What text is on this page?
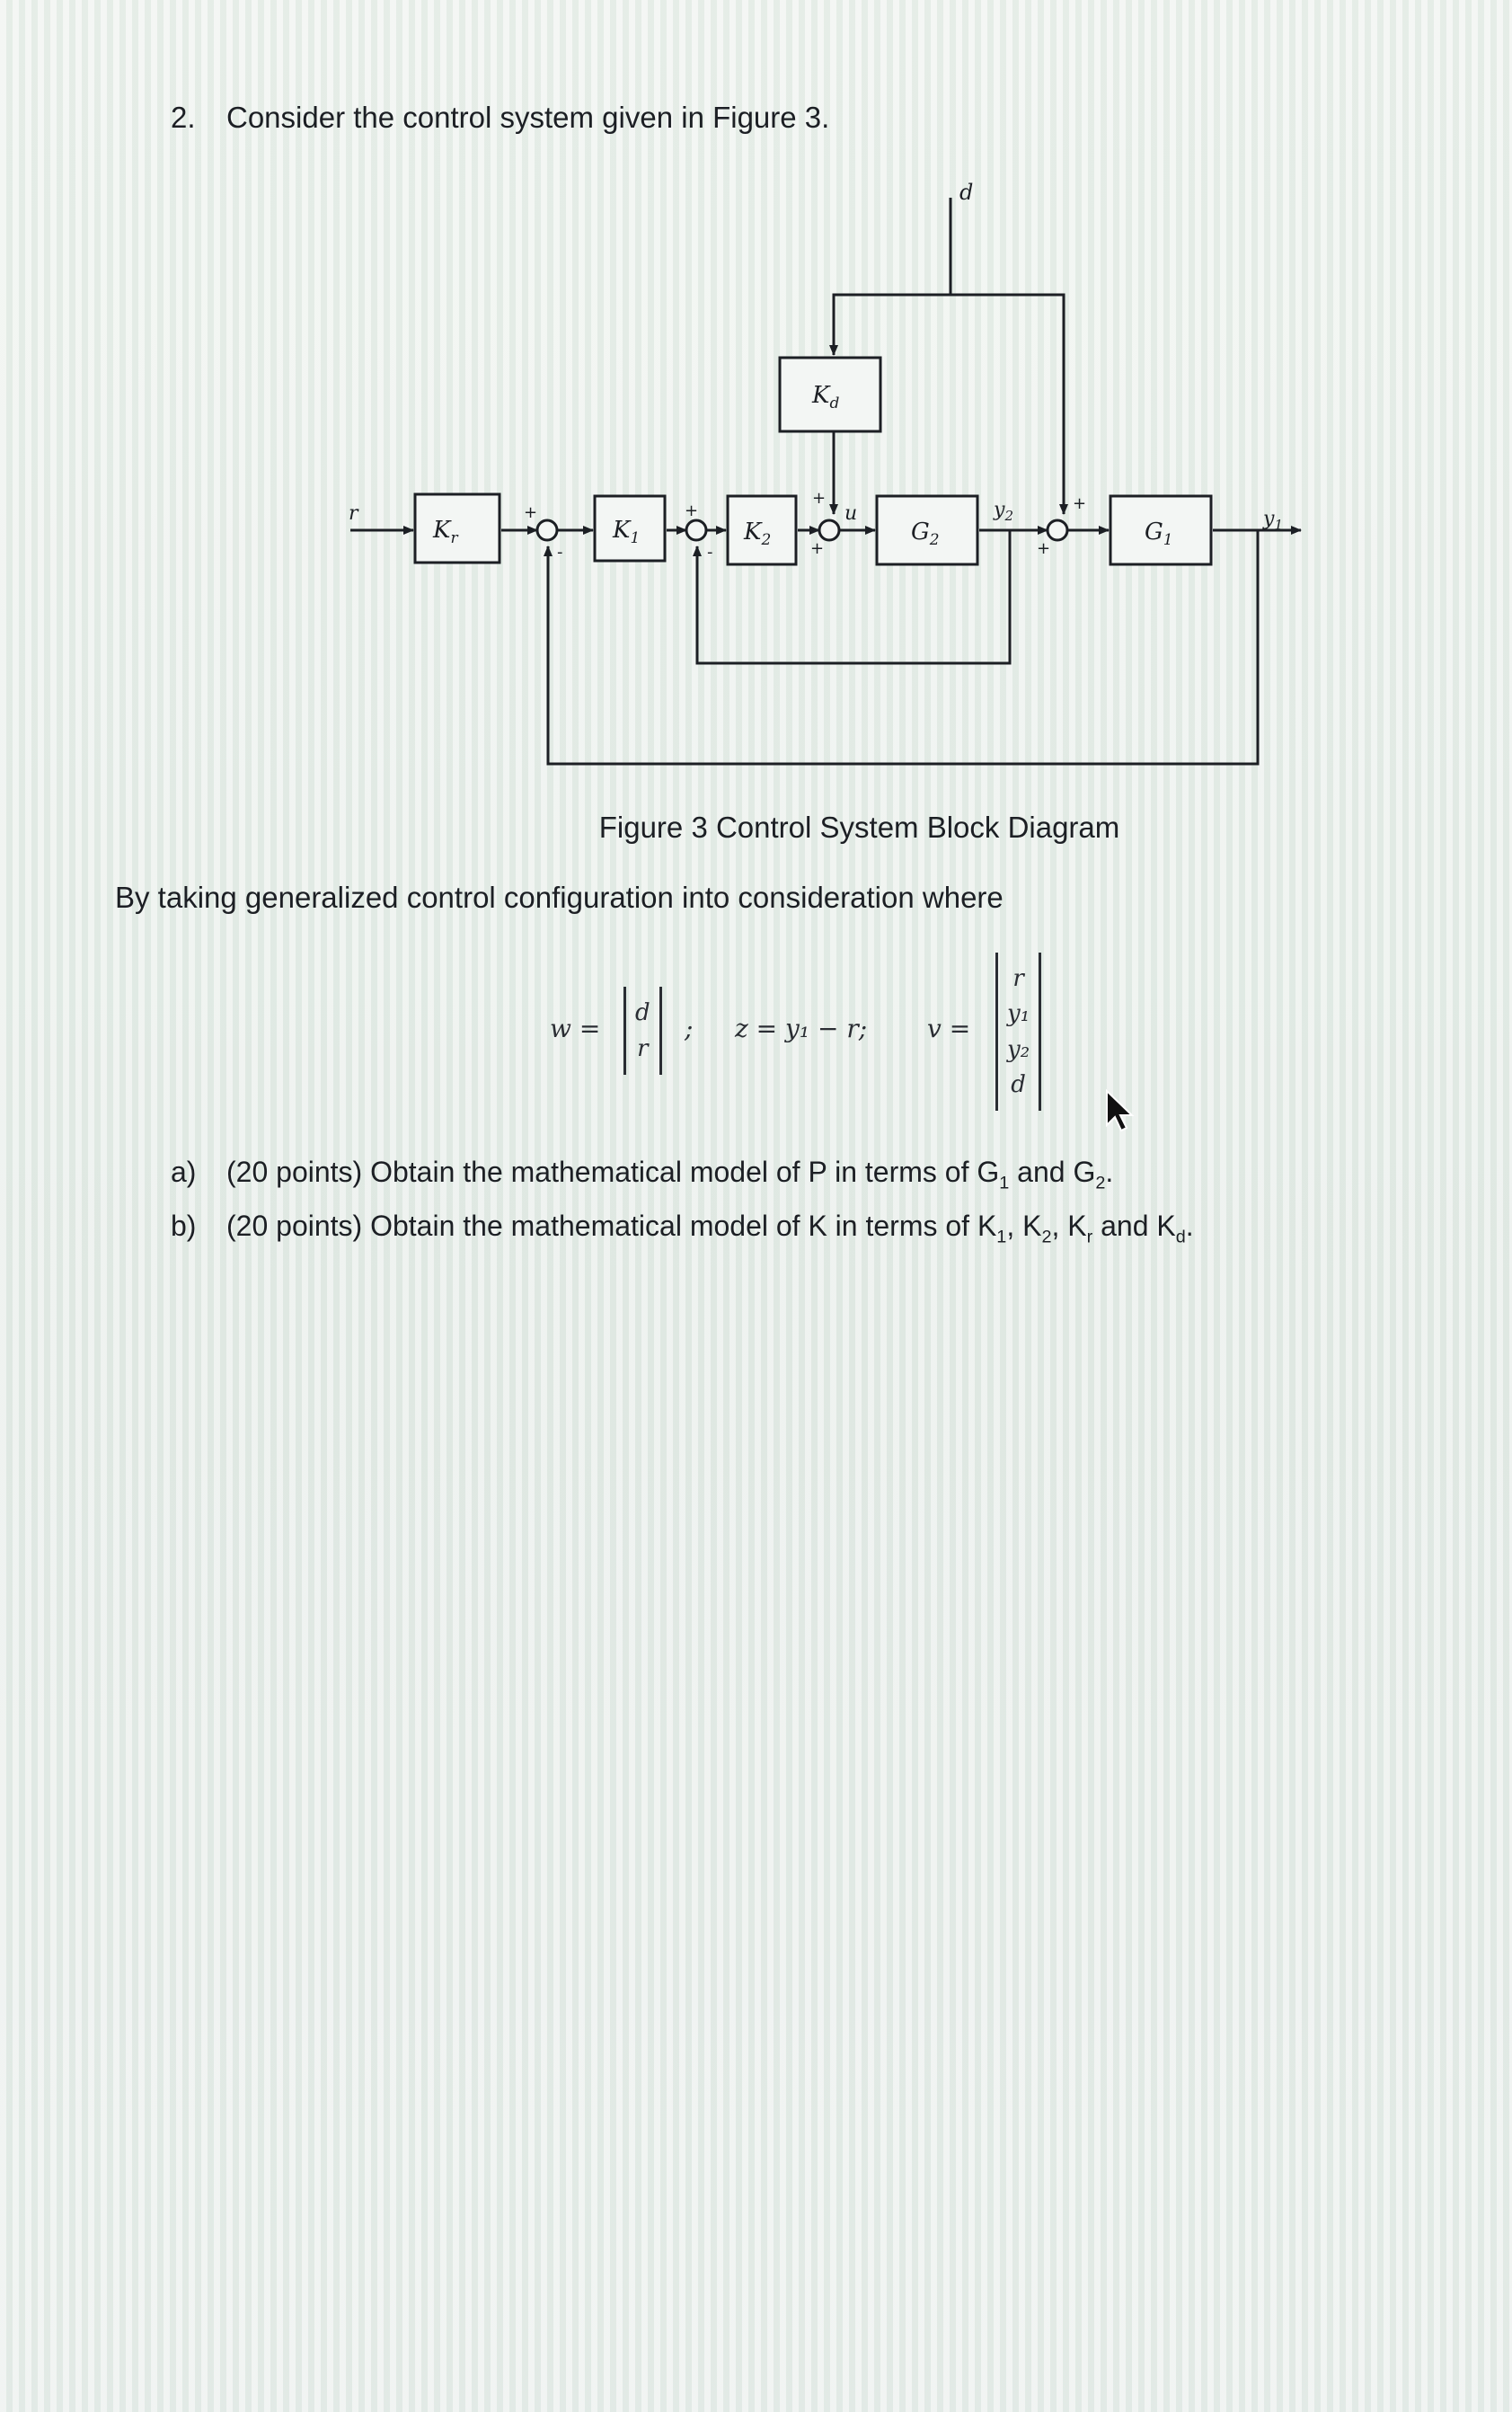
2. Consider the control system given in Figure 3.
$K_r$	$K_1$	$K_2$
$K_d$
$G_2$	$G_1$
r
d
u	$y_2$	$y_1$
+
-
+
-
+
+
+
+
Figure 3 Control System Block Diagram
By taking generalized control configuration into consideration where
w =
d
r
; z = y₁ − r; v =
r
y₁
y₂
d
a)	(20 points) Obtain the mathematical model of P in terms of $G_1$ and $G_2$.
b)	(20 points) Obtain the mathematical model of K in terms of $K_1$, $K_2$, $K_r$ and $K_d$.
